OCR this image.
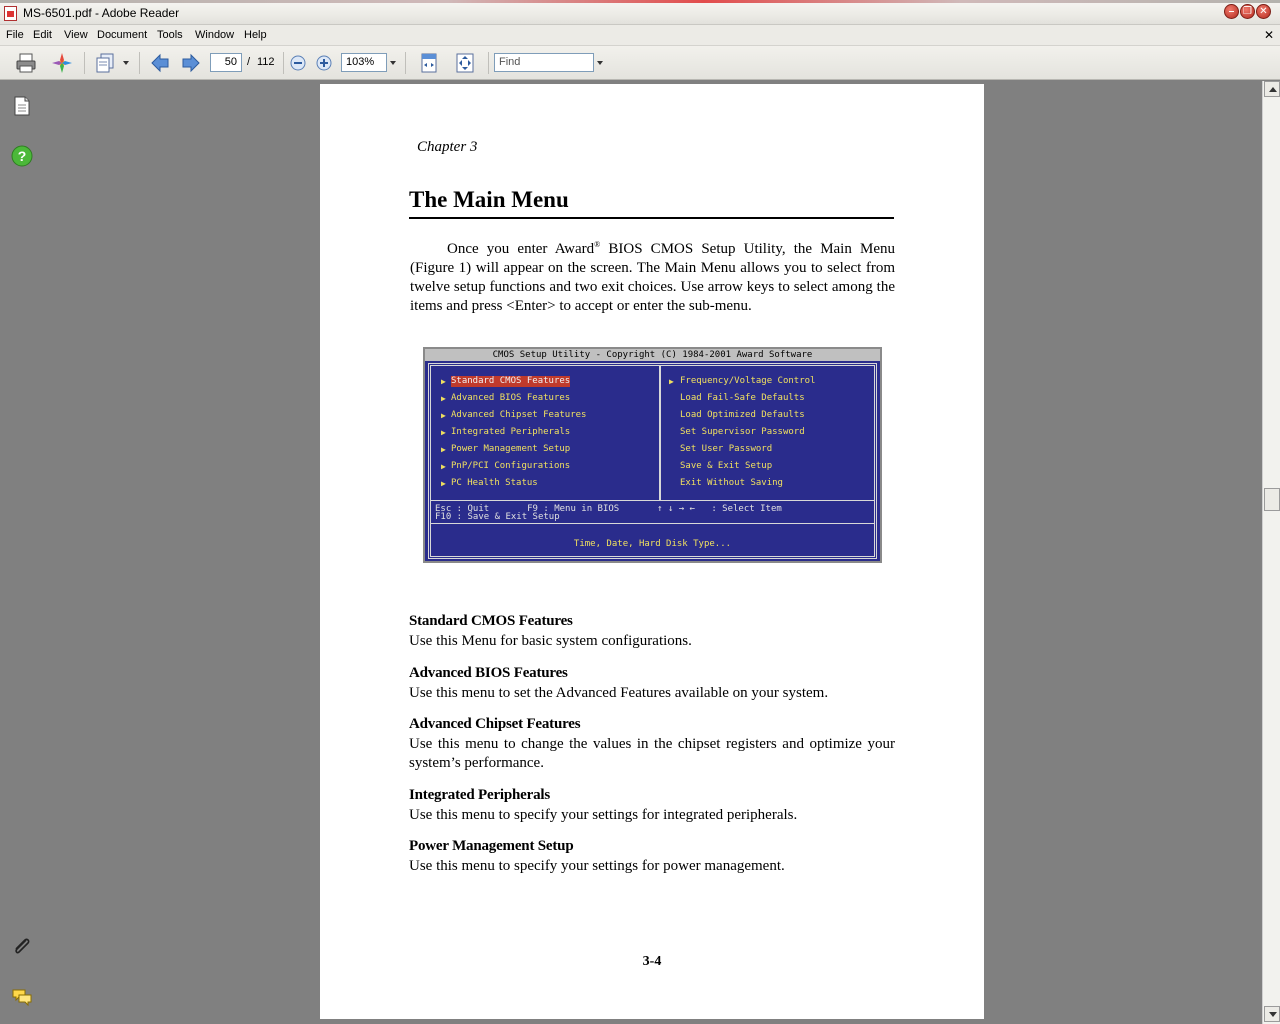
MS-6501.pdf - Adobe Reader	– ❐ ✕
File Edit View Document Tools Window Help	✕
50 / 112	103%	Find
?
Chapter 3
The Main Menu

Once you enter Award® BIOS CMOS Setup Utility, the Main Menu (Figure 1) will appear on the screen. The Main Menu allows you to select from twelve setup functions and two exit choices. Use arrow keys to select among the items and press <Enter> to accept or enter the sub-menu.

CMOS Setup Utility - Copyright (C) 1984-2001 Award Software
▶ Standard CMOS Features
▶ Advanced BIOS Features
▶ Advanced Chipset Features
▶ Integrated Peripherals
▶ Power Management Setup
▶ PnP/PCI Configurations
▶ PC Health Status
▶ Frequency/Voltage Control
Load Fail-Safe Defaults
Load Optimized Defaults
Set Supervisor Password
Set User Password
Save & Exit Setup
Exit Without Saving
Esc : Quit       F9 : Menu in BIOS       ↑ ↓ → ←   : Select Item
F10 : Save & Exit Setup
Time, Date, Hard Disk Type...
Standard CMOS Features
Use this Menu for basic system configurations.
Advanced BIOS Features
Use this menu to set the Advanced Features available on your system.
Advanced Chipset Features
Use this menu to change the values in the chipset registers and optimize your system’s performance.
Integrated Peripherals
Use this menu to specify your settings for integrated peripherals.
Power Management Setup
Use this menu to specify your settings for power management.
3-4
